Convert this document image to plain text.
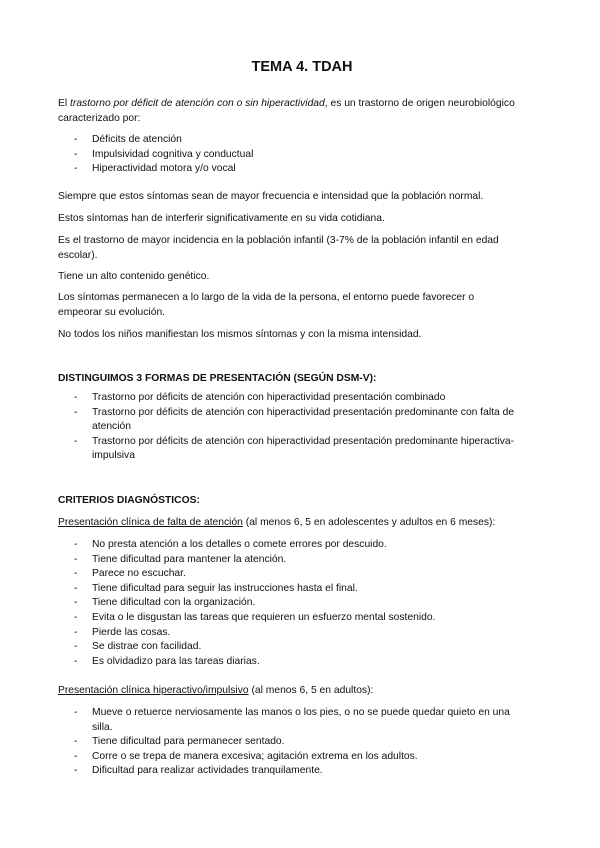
TEMA 4. TDAH

El trastorno por déficit de atención con o sin hiperactividad, es un trastorno de origen neurobiológico caracterizado por:

- Déficits de atención
- Impulsividad cognitiva y conductual
- Hiperactividad motora y/o vocal

Siempre que estos síntomas sean de mayor frecuencia e intensidad que la población normal.

Estos síntomas han de interferir significativamente en su vida cotidiana.

Es el trastorno de mayor incidencia en la población infantil (3-7% de la población infantil en edad escolar).

Tiene un alto contenido genético.

Los síntomas permanecen a lo largo de la vida de la persona, el entorno puede favorecer o empeorar su evolución.

No todos los niños manifiestan los mismos síntomas y con la misma intensidad.

DISTINGUIMOS 3 FORMAS DE PRESENTACIÓN (SEGÚN DSM-V):

- Trastorno por déficits de atención con hiperactividad presentación combinado
- Trastorno por déficits de atención con hiperactividad presentación predominante con falta de atención
- Trastorno por déficits de atención con hiperactividad presentación predominante hiperactiva-impulsiva

CRITERIOS DIAGNÓSTICOS:

Presentación clínica de falta de atención (al menos 6, 5 en adolescentes y adultos en 6 meses):

- No presta atención a los detalles o comete errores por descuido.
- Tiene dificultad para mantener la atención.
- Parece no escuchar.
- Tiene dificultad para seguir las instrucciones hasta el final.
- Tiene dificultad con la organización.
- Evita o le disgustan las tareas que requieren un esfuerzo mental sostenido.
- Pierde las cosas.
- Se distrae con facilidad.
- Es olvidadizo para las tareas diarias.

Presentación clínica hiperactivo/impulsivo (al menos 6, 5 en adultos):

- Mueve o retuerce nerviosamente las manos o los pies, o no se puede quedar quieto en una silla.
- Tiene dificultad para permanecer sentado.
- Corre o se trepa de manera excesiva; agitación extrema en los adultos.
- Dificultad para realizar actividades tranquilamente.
